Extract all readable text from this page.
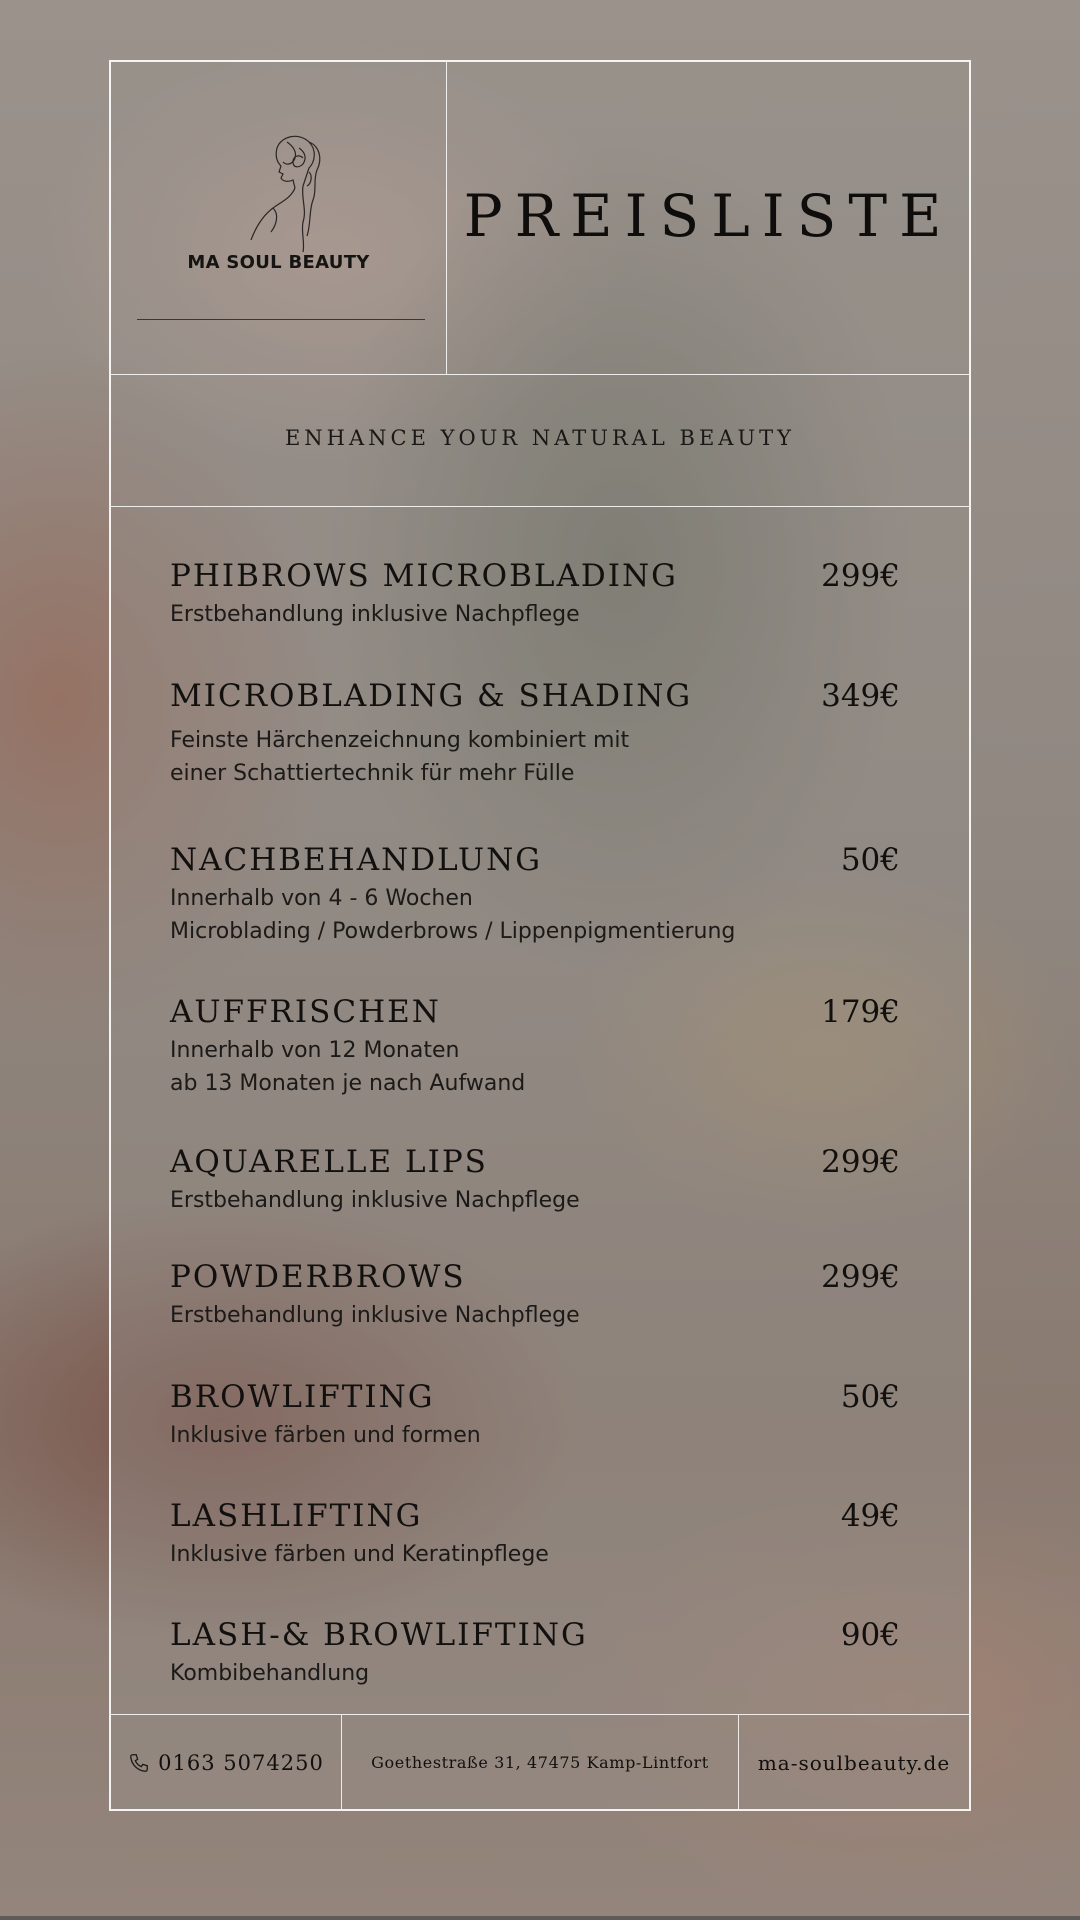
MA SOUL BEAUTY
PREISLISTE
ENHANCE YOUR NATURAL BEAUTY
PHIBROWS MICROBLADING	299€
Erstbehandlung inklusive Nachpflege
MICROBLADING & SHADING	349€
Feinste Härchenzeichnung kombiniert mit
einer Schattiertechnik für mehr Fülle
NACHBEHANDLUNG	50€
Innerhalb von 4 - 6 Wochen
Microblading / Powderbrows / Lippenpigmentierung
AUFFRISCHEN	179€
Innerhalb von 12 Monaten
ab 13 Monaten je nach Aufwand
AQUARELLE LIPS	299€
Erstbehandlung inklusive Nachpflege
POWDERBROWS	299€
Erstbehandlung inklusive Nachpflege
BROWLIFTING	50€
Inklusive färben und formen
LASHLIFTING	49€
Inklusive färben und Keratinpflege
LASH-& BROWLIFTING	90€
Kombibehandlung
0163 5074250	Goethestraße 31, 47475 Kamp-Lintfort ma-soulbeauty.de
